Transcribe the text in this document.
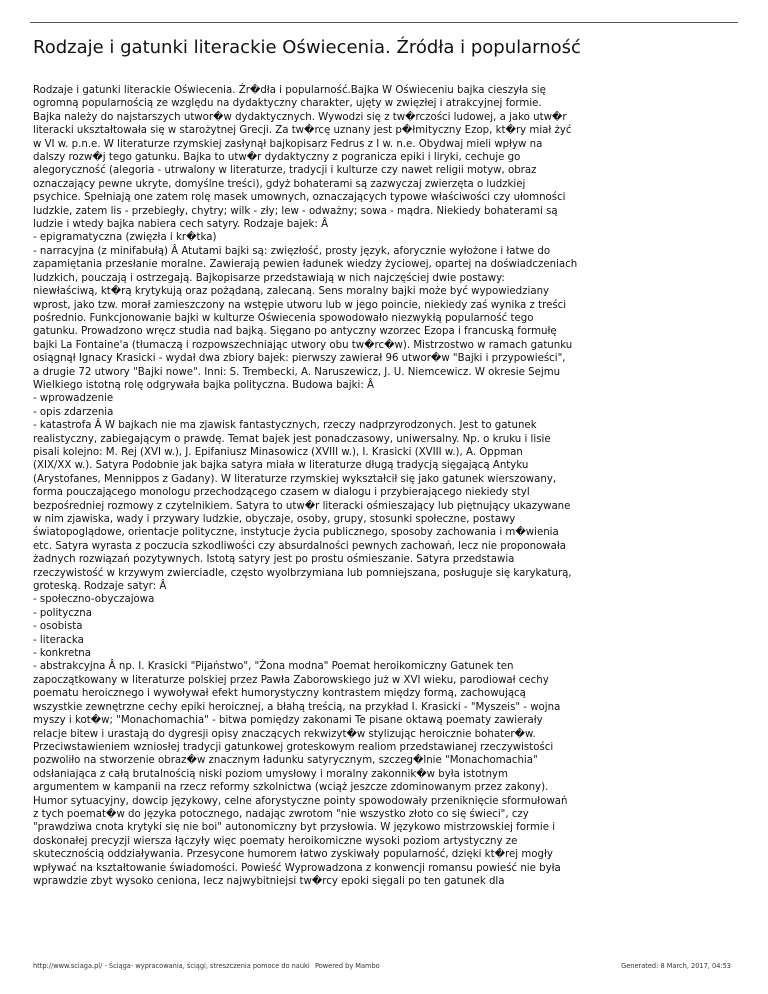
Rodzaje i gatunki literackie Oświecenia. Źródła i popularność
Rodzaje i gatunki literackie Oświecenia. Źr�dła i popularność.Bajka W Oświeceniu bajka cieszyła się
ogromną popularnością ze względu na dydaktyczny charakter, ujęty w zwięzłej i atrakcyjnej formie.
Bajka należy do najstarszych utwor�w dydaktycznych. Wywodzi się z tw�rczości ludowej, a jako utw�r
literacki ukształtowała się w starożytnej Grecji. Za tw�rcę uznany jest p�łmityczny Ezop, kt�ry miał żyć
w VI w. p.n.e. W literaturze rzymskiej zasłynął bajkopisarz Fedrus z I w. n.e. Obydwaj mieli wpływ na
dalszy rozw�j tego gatunku. Bajka to utw�r dydaktyczny z pogranicza epiki i liryki, cechuje go
alegoryczność (alegoria - utrwalony w literaturze, tradycji i kulturze czy nawet religii motyw, obraz
oznaczający pewne ukryte, domyślne treści), gdyż bohaterami są zazwyczaj zwierzęta o ludzkiej
psychice. Spełniają one zatem rolę masek umownych, oznaczających typowe właściwości czy ułomności
ludzkie, zatem lis - przebiegły, chytry; wilk - zły; lew - odważny; sowa - mądra. Niekiedy bohaterami są
ludzie i wtedy bajka nabiera cech satyry. Rodzaje bajek: Â
- epigramatyczna (zwięzła i kr�tka)
- narracyjna (z minifabułą) Â Atutami bajki są: zwięzłość, prosty język, aforycznie wyłożone i łatwe do
zapamiętania przesłanie moralne. Zawierają pewien ładunek wiedzy życiowej, opartej na doświadczeniach
ludzkich, pouczają i ostrzegają. Bajkopisarze przedstawiają w nich najczęściej dwie postawy:
niewłaściwą, kt�rą krytykują oraz pożądaną, zalecaną. Sens moralny bajki może być wypowiedziany
wprost, jako tzw. morał zamieszczony na wstępie utworu lub w jego poincie, niekiedy zaś wynika z treści
pośrednio. Funkcjonowanie bajki w kulturze Oświecenia spowodowało niezwykłą popularność tego
gatunku. Prowadzono wręcz studia nad bajką. Sięgano po antyczny wzorzec Ezopa i francuską formułę
bajki La Fontaine'a (tłumaczą i rozpowszechniając utwory obu tw�rc�w). Mistrzostwo w ramach gatunku
osiągnął Ignacy Krasicki - wydał dwa zbiory bajek: pierwszy zawierał 96 utwor�w "Bajki i przypowieści",
a drugie 72 utwory "Bajki nowe". Inni: S. Trembecki, A. Naruszewicz, J. U. Niemcewicz. W okresie Sejmu
Wielkiego istotną rolę odgrywała bajka polityczna. Budowa bajki: Â
- wprowadzenie
- opis zdarzenia
- katastrofa Â W bajkach nie ma zjawisk fantastycznych, rzeczy nadprzyrodzonych. Jest to gatunek
realistyczny, zabiegającym o prawdę. Temat bajek jest ponadczasowy, uniwersalny. Np. o kruku i lisie
pisali kolejno: M. Rej (XVI w.), J. Epifaniusz Minasowicz (XVIII w.), I. Krasicki (XVIII w.), A. Oppman
(XIX/XX w.). Satyra Podobnie jak bajka satyra miała w literaturze długą tradycją sięgającą Antyku
(Arystofanes, Mennippos z Gadany). W literaturze rzymskiej wykształcił się jako gatunek wierszowany,
forma pouczającego monologu przechodzącego czasem w dialogu i przybierającego niekiedy styl
bezpośredniej rozmowy z czytelnikiem. Satyra to utw�r literacki ośmieszający lub piętnujący ukazywane
w nim zjawiska, wady i przywary ludzkie, obyczaje, osoby, grupy, stosunki społeczne, postawy
światopoglądowe, orientacje polityczne, instytucje życia publicznego, sposoby zachowania i m�wienia
etc. Satyra wyrasta z poczucia szkodliwości czy absurdalności pewnych zachowań, lecz nie proponowała
żadnych rozwiązań pozytywnych. Istotą satyry jest po prostu ośmieszanie. Satyra przedstawia
rzeczywistość w krzywym zwierciadle, często wyolbrzymiana lub pomniejszana, posługuje się karykaturą,
groteską. Rodzaje satyr: Â
- społeczno-obyczajowa
- polityczna
- osobista
- literacka
- konkretna
- abstrakcyjna Â np. I. Krasicki "Pijaństwo", "Żona modna" Poemat heroikomiczny Gatunek ten
zapoczątkowany w literaturze polskiej przez Pawła Zaborowskiego już w XVI wieku, parodiował cechy
poematu heroicznego i wywoływał efekt humorystyczny kontrastem między formą, zachowującą
wszystkie zewnętrzne cechy epiki heroicznej, a błahą treścią, na przykład I. Krasicki - "Myszeis" - wojna
myszy i kot�w; "Monachomachia" - bitwa pomiędzy zakonami Te pisane oktawą poematy zawierały
relacje bitew i urastają do dygresji opisy znaczących rekwizyt�w stylizując heroicznie bohater�w.
Przeciwstawieniem wzniosłej tradycji gatunkowej groteskowym realiom przedstawianej rzeczywistości
pozwoliło na stworzenie obraz�w znacznym ładunku satyrycznym, szczeg�lnie "Monachomachia"
odsłaniająca z całą brutalnością niski poziom umysłowy i moralny zakonnik�w była istotnym
argumentem w kampanii na rzecz reformy szkolnictwa (wciąż jeszcze zdominowanym przez zakony).
Humor sytuacyjny, dowcip językowy, celne aforystyczne pointy spowodowały przeniknięcie sformułowań
z tych poemat�w do języka potocznego, nadając zwrotom "nie wszystko złoto co się świeci", czy
"prawdziwa cnota krytyki się nie boi" autonomiczny byt przysłowia. W językowo mistrzowskiej formie i
doskonałej precyzji wiersza łączyły więc poematy heroikomiczne wysoki poziom artystyczny ze
skutecznością oddziaływania. Przesycone humorem łatwo zyskiwały popularność, dzięki kt�rej mogły
wpływać na kształtowanie świadomości. Powieść Wyprowadzona z konwencji romansu powieść nie była
wprawdzie zbyt wysoko ceniona, lecz najwybitniejsi tw�rcy epoki sięgali po ten gatunek dla
http://www.sciaga.pl/ - Ściąga- wypracowania, ściągi, streszczenia pomoce do nauki Powered by Mambo	Generated: 8 March, 2017, 04:53
